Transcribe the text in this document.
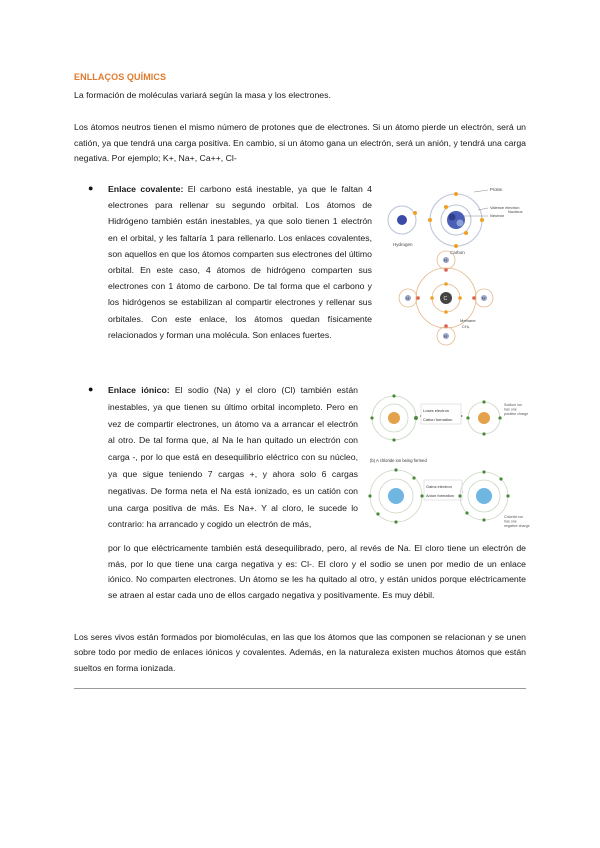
ENLLAÇOS QUÍMICS

La formación de moléculas variará según la masa y los electrones.

Los átomos neutros tienen el mismo número de protones que de electrones. Si un átomo pierde un electrón, será un catión, ya que tendrá una carga positiva. En cambio, si un átomo gana un electrón, será un anión, y tendrá una carga negativa. Por ejemplo; K+, Na+, Ca++, Cl-

● Enlace covalente: El carbono está inestable, ya que le faltan 4 electrones para rellenar su segundo orbital. Los átomos de Hidrógeno también están inestables, ya que solo tienen 1 electrón en el orbital, y les faltaría 1 para rellenarlo. Los enlaces covalentes, son aquellos en que los átomos comparten sus electrones del último orbital. En este caso, 4 átomos de hidrógeno comparten sus electrones con 1 átomo de carbono. De tal forma que el carbono y los hidrógenos se estabilizan al compartir electrones y rellenar sus orbitales. Con este enlace, los átomos quedan físicamente relacionados y forman una molécula. Son enlaces fuertes.

Hydrogen
Carbon
Proton
Valence electron
Neutron
Nucleus
C
H
H
H	H
Methane
CH₄
● Enlace iónico: El sodio (Na) y el cloro (Cl) también están inestables, ya que tienen su último orbital incompleto. Pero en vez de compartir electrones, un átomo va a arrancar el electrón al otro. De tal forma que, al Na le han quitado un electrón con carga -, por lo que está en desequilibrio eléctrico con su núcleo, ya que sigue teniendo 7 cargas +, y ahora solo 6 cargas negativas. De forma neta el Na está ionizado, es un catión con una carga positiva de más. Es Na+. Y al cloro, le sucede lo contrario: ha arrancado y cogido un electrón de más,

por lo que eléctricamente también está desequilibrado, pero, al revés de Na. El cloro tiene un electrón de más, por lo que tiene una carga negativa y es: Cl-. El cloro y el sodio se unen por medio de un enlace iónico. No comparten electrones. Un átomo se les ha quitado al otro, y están unidos porque eléctricamente se atraen al estar cada uno de ellos cargado negativa y positivamente. Es muy débil.

Loses electron
Cation formation
Sodium ion has one positive charge
(b) A chloride ion being formed
Gains electron
Anion formation
Chloride ion has one negative charge

Los seres vivos están formados por biomoléculas, en las que los átomos que las componen se relacionan y se unen sobre todo por medio de enlaces iónicos y covalentes. Además, en la naturaleza existen muchos átomos que están sueltos en forma ionizada.
